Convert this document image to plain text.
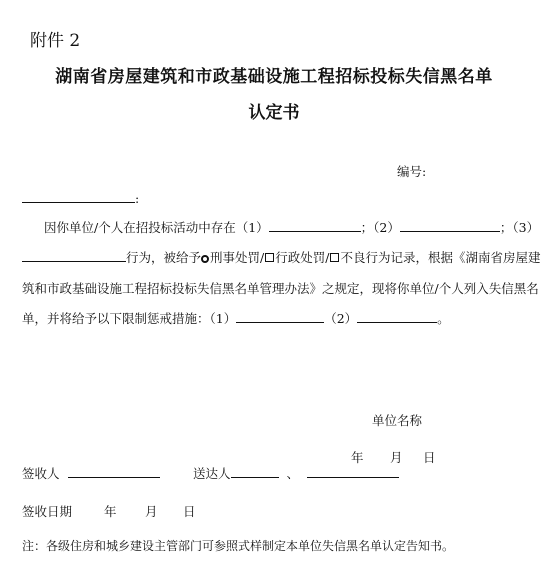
附件 2
湖南省房屋建筑和市政基础设施工程招标投标失信黑名单
认定书
编号:
:
因你单位/个人在招投标活动中存在（1）	；（2）	；（3）
行为，被给予 刑事处罚/ 行政处罚/ 不良行为记录，根据《湖南省房屋建
筑和市政基础设施工程招标投标失信黑名单管理办法》之规定，现将你单位/个人列入失信黑名
单，并将给予以下限制惩戒措施：（1）	（2）	。
单位名称
年 月 日
签收人	送达人	、
签收日期	年 月 日
注：各级住房和城乡建设主管部门可参照式样制定本单位失信黑名单认定告知书。
